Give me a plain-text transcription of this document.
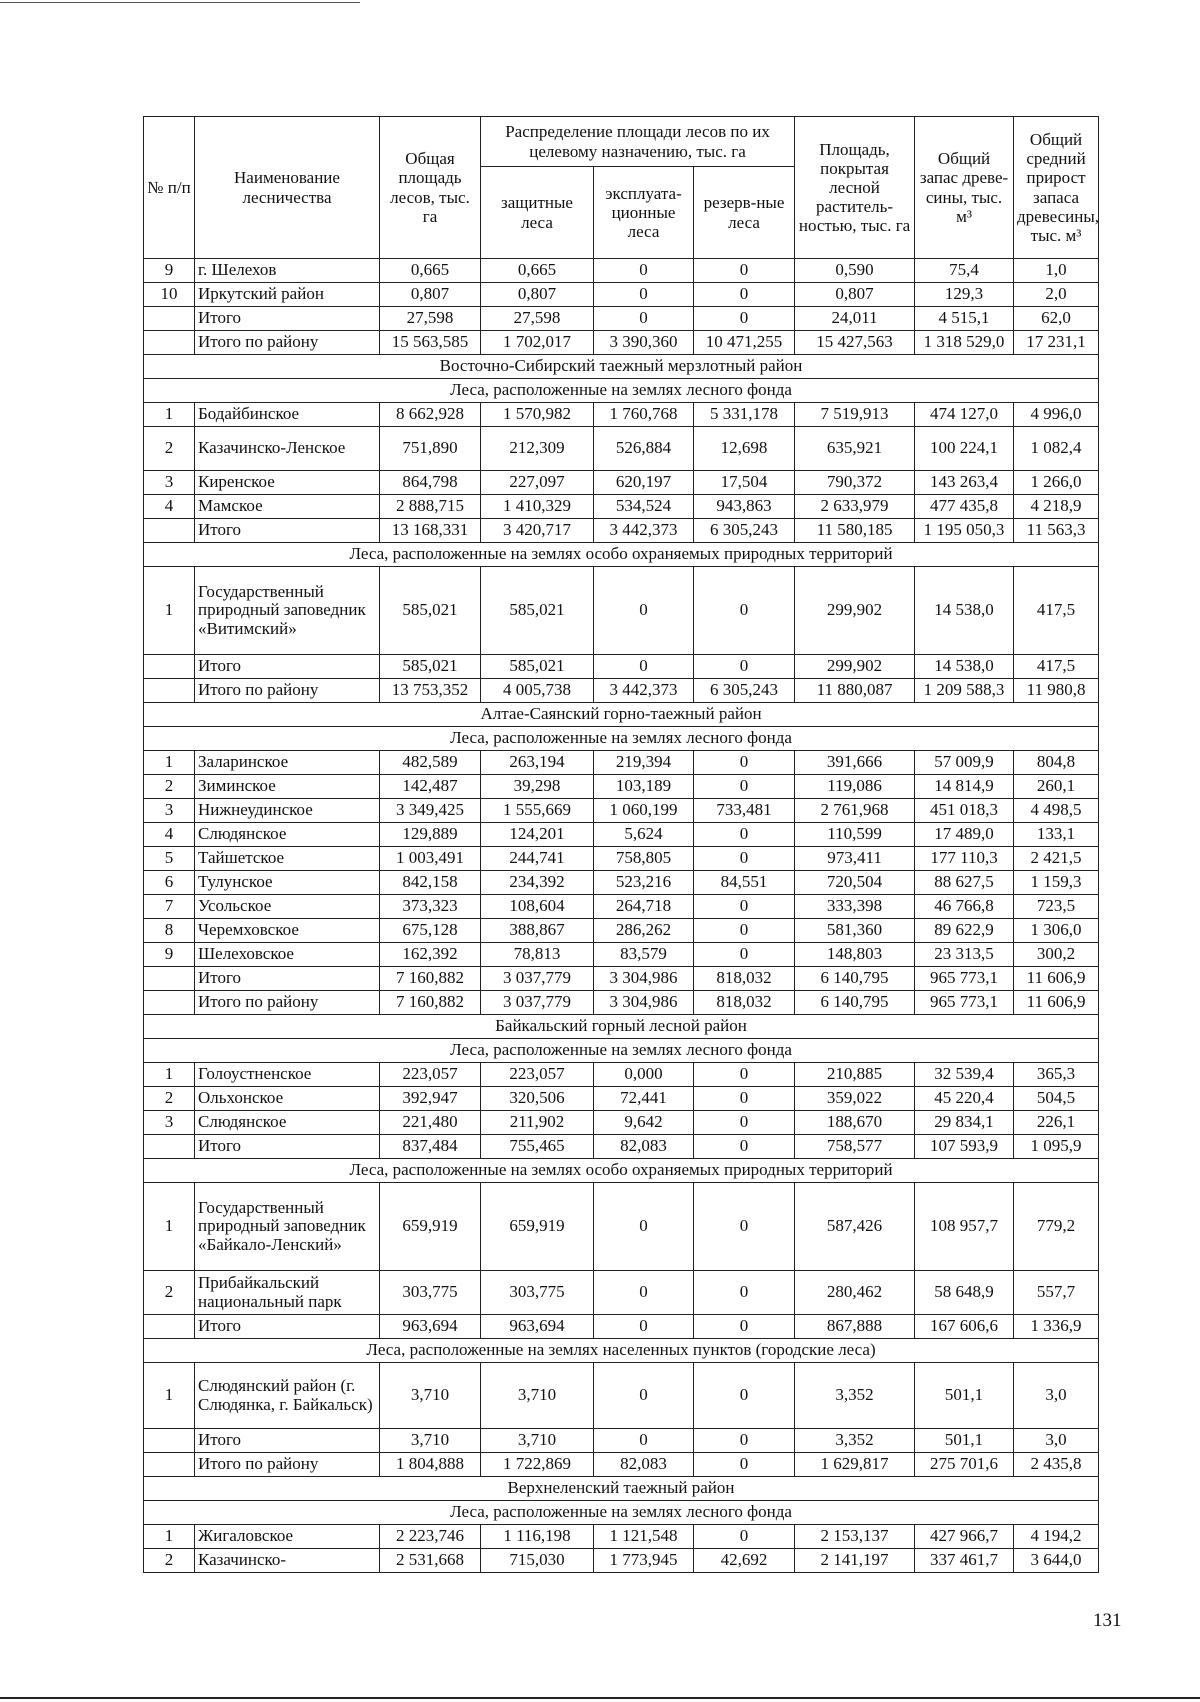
№ п/п	Наименование лесничества	Общая площадь лесов, тыс. га	Распределение площади лесов по их целевому назначению, тыс. га			Площадь, покрытая лесной раститель-ностью, тыс. га	Общий запас древе-сины, тыс. м³	Общий средний прирост запаса древесины, тыс. м³
			защитные леса	эксплуата-ционные леса	резерв-ные леса			
9	г. Шелехов	0,665	0,665	0	0	0,590	75,4	1,0
10	Иркутский район	0,807	0,807	0	0	0,807	129,3	2,0
	Итого	27,598	27,598	0	0	24,011	4 515,1	62,0
	Итого по району	15 563,585	1 702,017	3 390,360	10 471,255	15 427,563	1 318 529,0	17 231,1
Восточно-Сибирский таежный мерзлотный район								
Леса, расположенные на землях лесного фонда								
1	Бодайбинское	8 662,928	1 570,982	1 760,768	5 331,178	7 519,913	474 127,0	4 996,0
2	Казачинско-Ленское	751,890	212,309	526,884	12,698	635,921	100 224,1	1 082,4
3	Киренское	864,798	227,097	620,197	17,504	790,372	143 263,4	1 266,0
4	Мамское	2 888,715	1 410,329	534,524	943,863	2 633,979	477 435,8	4 218,9
	Итого	13 168,331	3 420,717	3 442,373	6 305,243	11 580,185	1 195 050,3	11 563,3
Леса, расположенные на землях особо охраняемых природных территорий								
1	Государственный природный заповедник «Витимский»	585,021	585,021	0	0	299,902	14 538,0	417,5
	Итого	585,021	585,021	0	0	299,902	14 538,0	417,5
	Итого по району	13 753,352	4 005,738	3 442,373	6 305,243	11 880,087	1 209 588,3	11 980,8
Алтае-Саянский горно-таежный район								
Леса, расположенные на землях лесного фонда								
1	Заларинское	482,589	263,194	219,394	0	391,666	57 009,9	804,8
2	Зиминское	142,487	39,298	103,189	0	119,086	14 814,9	260,1
3	Нижнеудинское	3 349,425	1 555,669	1 060,199	733,481	2 761,968	451 018,3	4 498,5
4	Слюдянское	129,889	124,201	5,624	0	110,599	17 489,0	133,1
5	Тайшетское	1 003,491	244,741	758,805	0	973,411	177 110,3	2 421,5
6	Тулунское	842,158	234,392	523,216	84,551	720,504	88 627,5	1 159,3
7	Усольское	373,323	108,604	264,718	0	333,398	46 766,8	723,5
8	Черемховское	675,128	388,867	286,262	0	581,360	89 622,9	1 306,0
9	Шелеховское	162,392	78,813	83,579	0	148,803	23 313,5	300,2
	Итого	7 160,882	3 037,779	3 304,986	818,032	6 140,795	965 773,1	11 606,9
	Итого по району	7 160,882	3 037,779	3 304,986	818,032	6 140,795	965 773,1	11 606,9
Байкальский горный лесной район								
Леса, расположенные на землях лесного фонда								
1	Голоустненское	223,057	223,057	0,000	0	210,885	32 539,4	365,3
2	Ольхонское	392,947	320,506	72,441	0	359,022	45 220,4	504,5
3	Слюдянское	221,480	211,902	9,642	0	188,670	29 834,1	226,1
	Итого	837,484	755,465	82,083	0	758,577	107 593,9	1 095,9
Леса, расположенные на землях особо охраняемых природных территорий								
1	Государственный природный заповедник «Байкало-Ленский»	659,919	659,919	0	0	587,426	108 957,7	779,2
2	Прибайкальский национальный парк	303,775	303,775	0	0	280,462	58 648,9	557,7
	Итого	963,694	963,694	0	0	867,888	167 606,6	1 336,9
Леса, расположенные на землях населенных пунктов (городские леса)								
1	Слюдянский район (г. Слюдянка, г. Байкальск)	3,710	3,710	0	0	3,352	501,1	3,0
	Итого	3,710	3,710	0	0	3,352	501,1	3,0
	Итого по району	1 804,888	1 722,869	82,083	0	1 629,817	275 701,6	2 435,8
Верхнеленский таежный район								
Леса, расположенные на землях лесного фонда								
1	Жигаловское	2 223,746	1 116,198	1 121,548	0	2 153,137	427 966,7	4 194,2
2	Казачинско-	2 531,668	715,030	1 773,945	42,692	2 141,197	337 461,7	3 644,0
131
